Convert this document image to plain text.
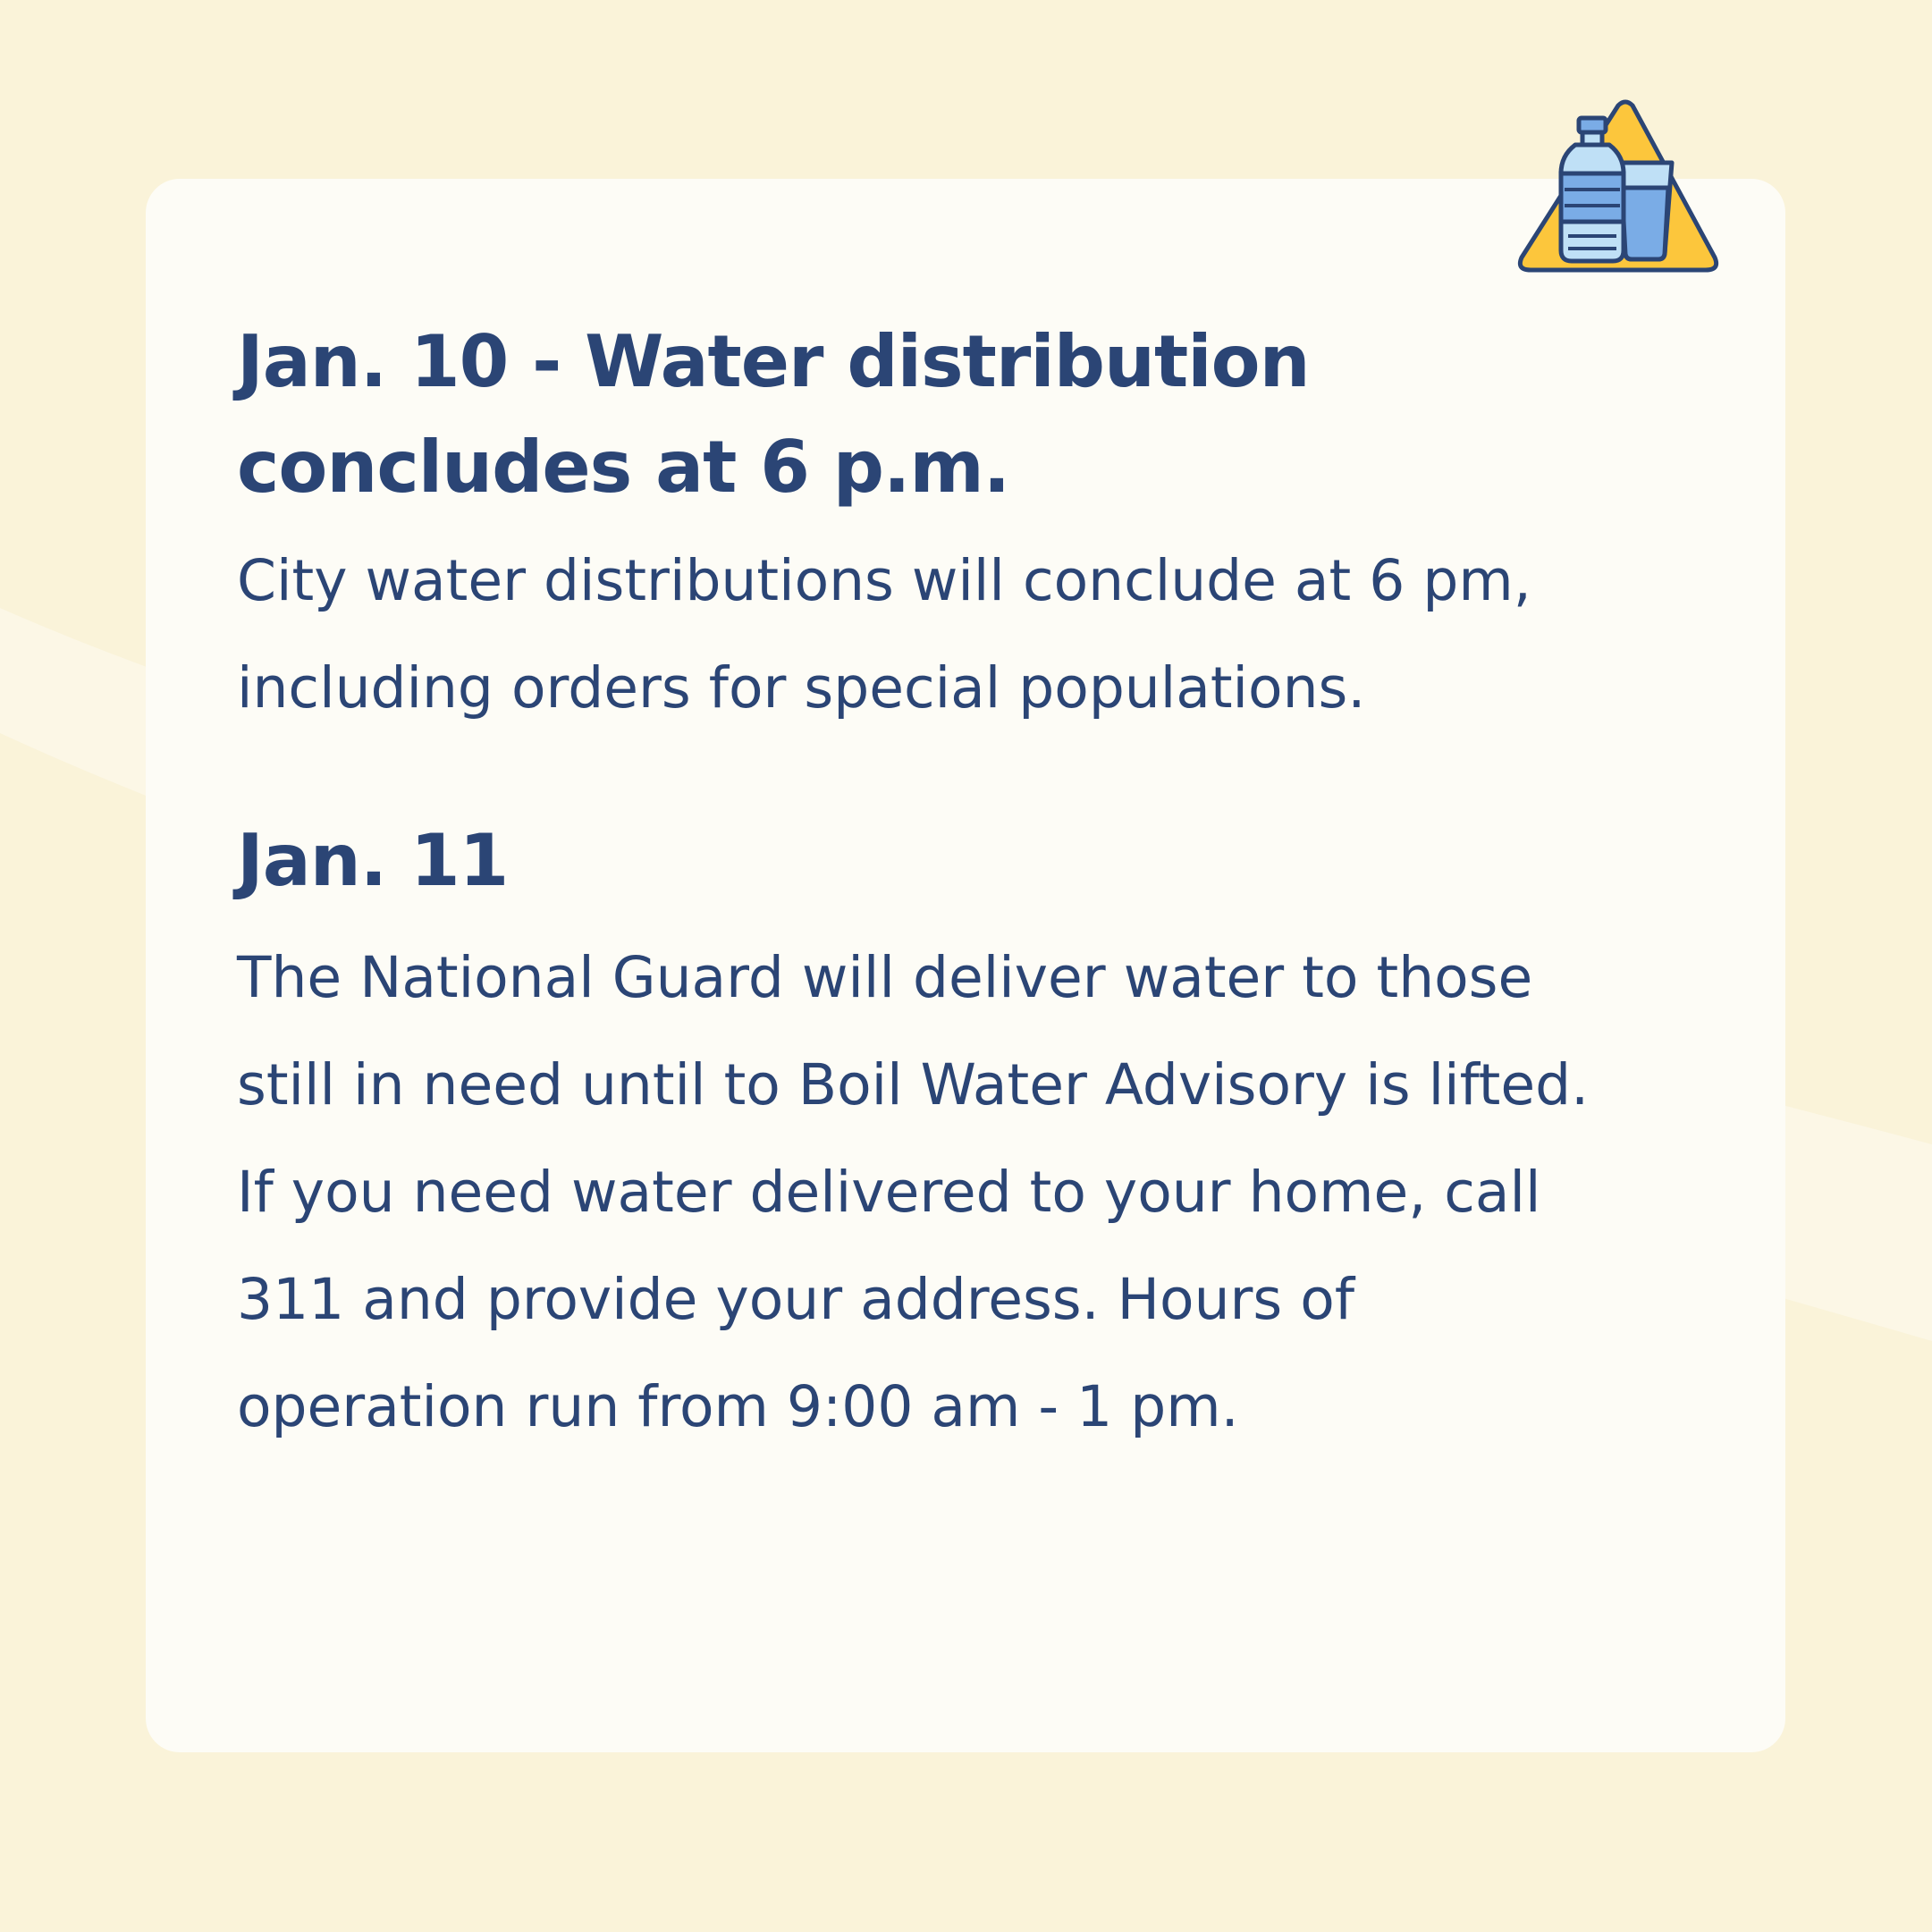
Jan. 10 - Water distribution concludes at 6 p.m.

City water distributions will conclude at 6 pm, including orders for special populations.

Jan. 11

The National Guard will deliver water to those still in need until to Boil Water Advisory is lifted. If you need water delivered to your home, call 311 and provide your address. Hours of operation run from 9:00 am - 1 pm.
